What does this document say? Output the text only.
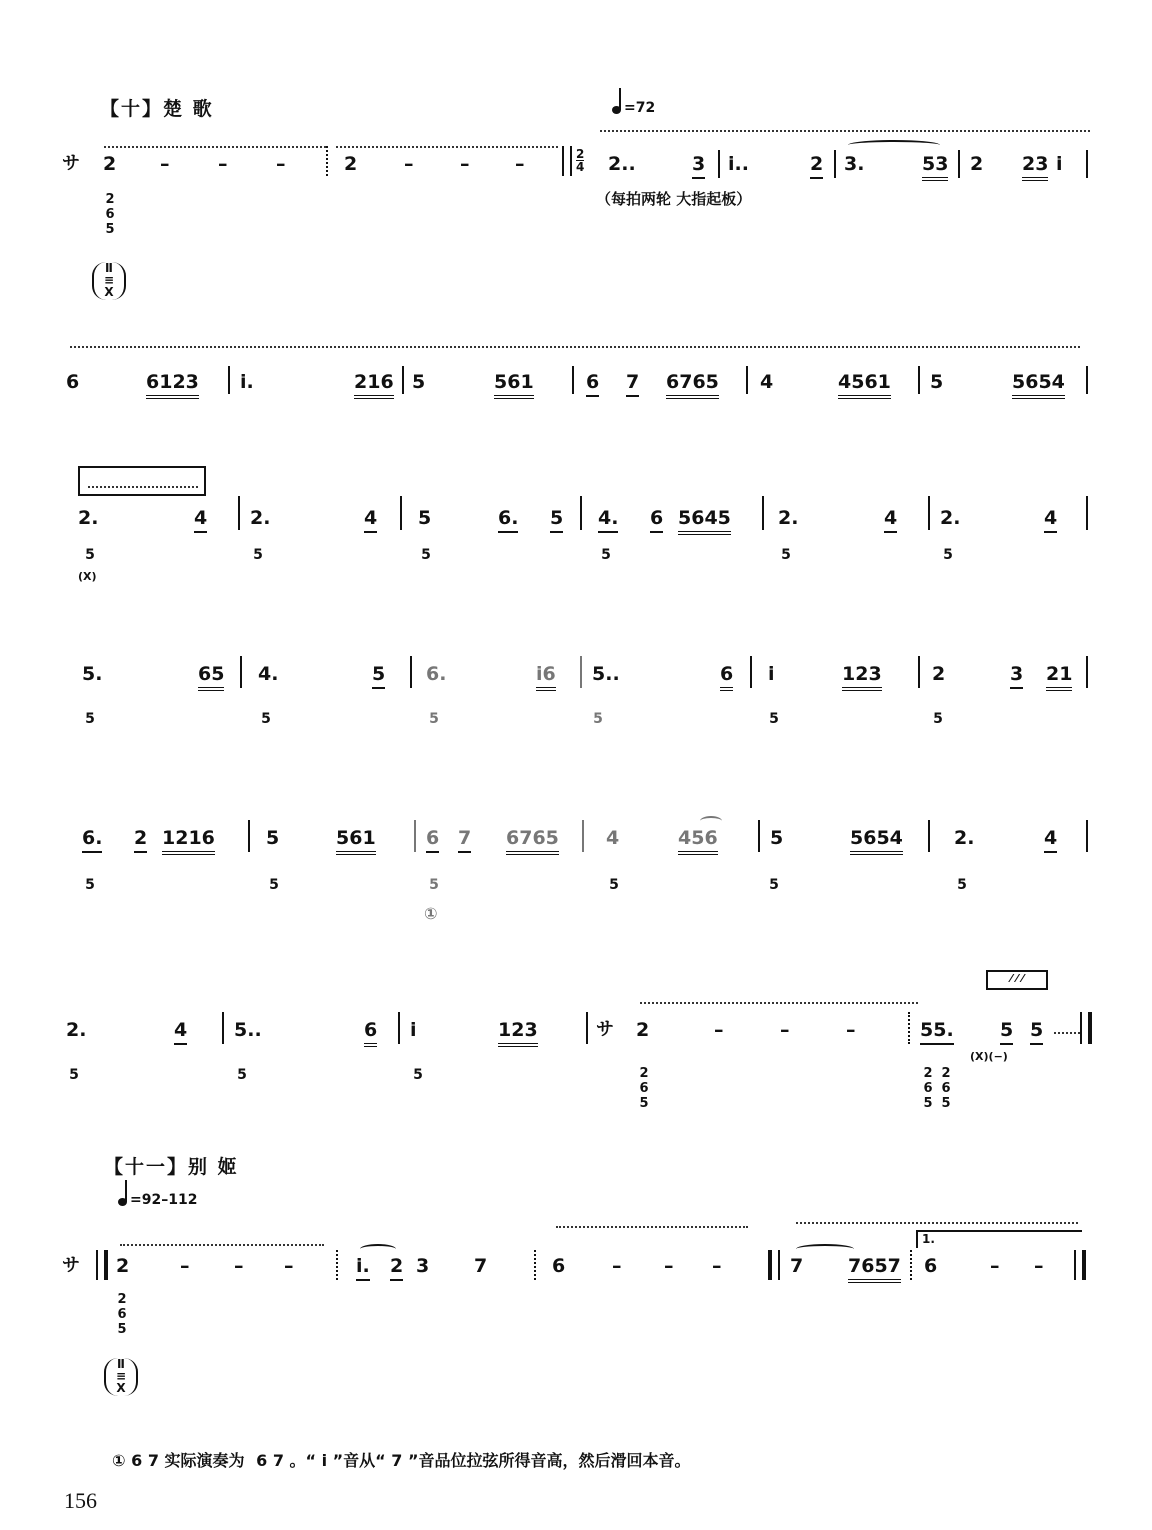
【十】楚 歌	=72
サ 2 –	–	–	2 – – –	2
4 2..	3 i..	2 3.	53 2 23 i
（每拍两轮 大指起板）
2
6
5
Ⅱ
≡
X
6	6123 i.	216 5	561	6 7 6765 4	4561 5	5654
2.	4 2.	4 5	6. 5 4. 6 5645 2.	4 2.	4
5
(X)
5	5	5	5	5
5.	65 4.	5 6.	i6 5..	6 i	123	2	3 21
5	5	5	5	5	5
6. 2 1216	5	561	6 7 6765 4	456	5	5654	2.	4
5	5	5
①
5	5	5
⁄ ⁄ ⁄
2.	4 5..	6 i	123	サ 2	–	–	–	55. 5 5
(X)(−)
5	5	5	2
6
5
2
6
5
2
6
5
【十一】别 姬
=92–112
サ 2	– – –	i. 2 3 7	6 – – –	7 7657
1.
6	– –
2
6
5
Ⅱ
≡
X
① 6 7 实际演奏为 6 7 。“ i ”音从“ 7 ”音品位拉弦所得音高，然后滑回本音。
156
